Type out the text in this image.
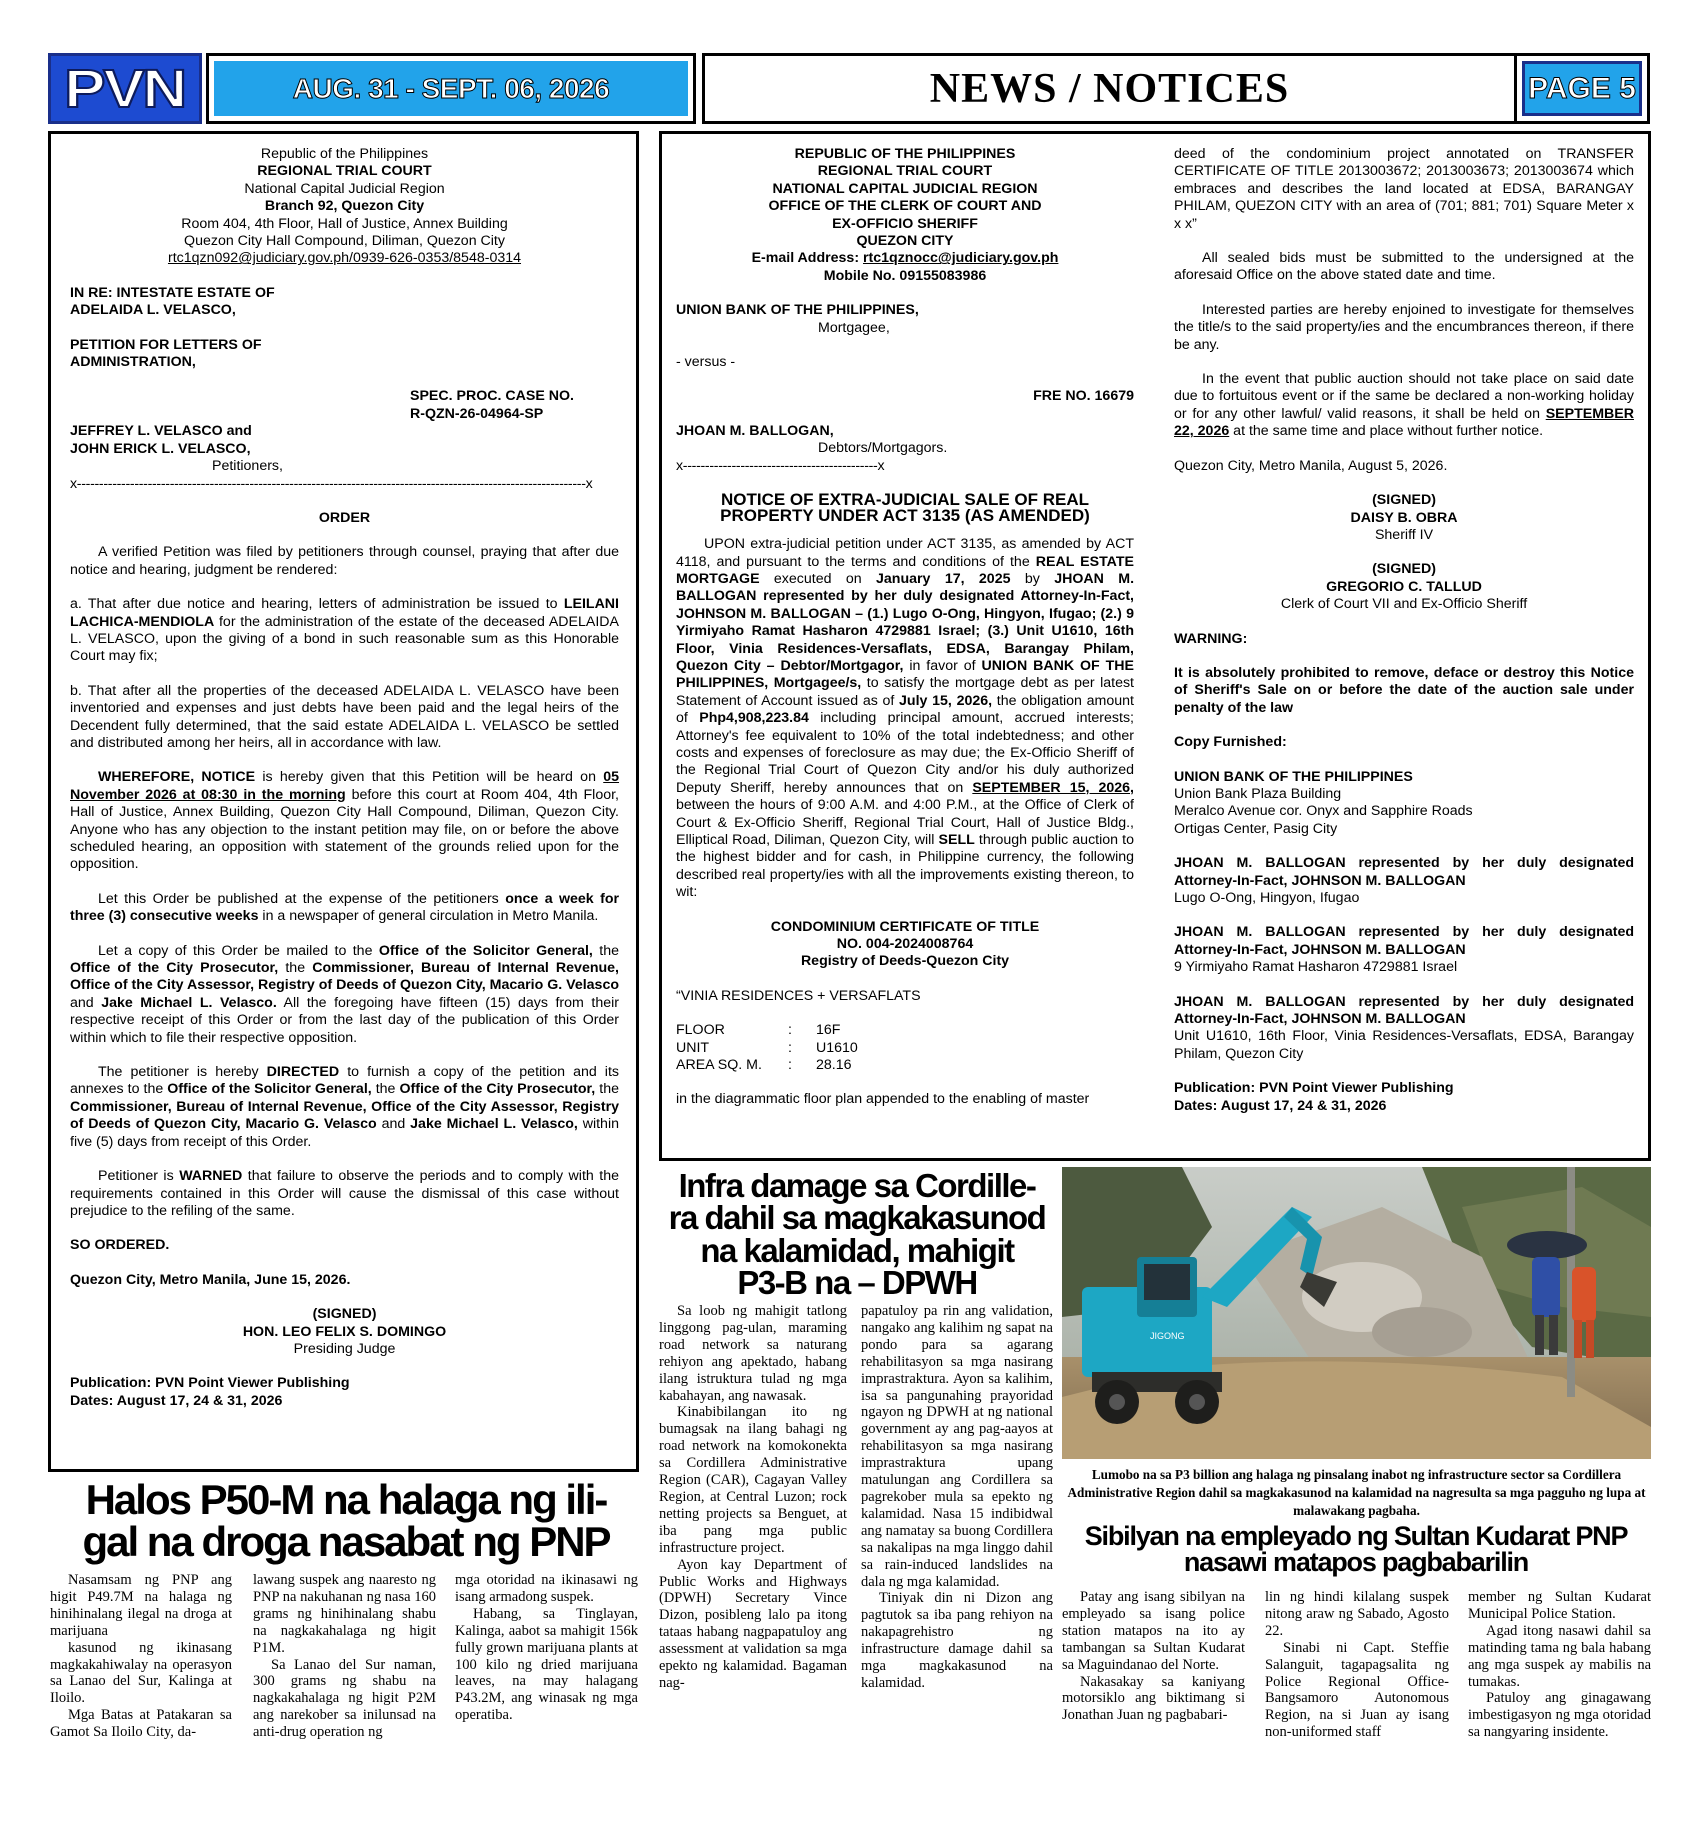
PVN	AUG. 31 - SEPT. 06, 2026	NEWS / NOTICES	PAGE 5
Republic of the Philippines
REGIONAL TRIAL COURT
National Capital Judicial Region
Branch 92, Quezon City
Room 404, 4th Floor, Hall of Justice, Annex Building
Quezon City Hall Compound, Diliman, Quezon City
rtc1qzn092@judiciary.gov.ph/0939-626-0353/8548-0314
IN RE: INTESTATE ESTATE OF
ADELAIDA L. VELASCO,
PETITION FOR LETTERS OF
ADMINISTRATION,
SPEC. PROC. CASE NO.
R-QZN-26-04964-SP
JEFFREY L. VELASCO and
JOHN ERICK L. VELASCO,
Petitioners,
x-------------------------------------------------------------------------------------------------------------------x
ORDER

A verified Petition was filed by petitioners through counsel, praying that after due notice and hearing, judgment be rendered:

a. That after due notice and hearing, letters of administration be issued to LEILANI LACHICA-MENDIOLA for the administration of the estate of the deceased ADELAIDA L. VELASCO, upon the giving of a bond in such reasonable sum as this Honorable Court may fix;

b. That after all the properties of the deceased ADELAIDA L. VELASCO have been inventoried and expenses and just debts have been paid and the legal heirs of the Decendent fully determined, that the said estate ADELAIDA L. VELASCO be settled and distributed among her heirs, all in accordance with law.

WHEREFORE, NOTICE is hereby given that this Petition will be heard on 05 November 2026 at 08:30 in the morning before this court at Room 404, 4th Floor, Hall of Justice, Annex Building, Quezon City Hall Compound, Diliman, Quezon City. Anyone who has any objection to the instant petition may file, on or before the above scheduled hearing, an opposition with statement of the grounds relied upon for the opposition.

Let this Order be published at the expense of the petitioners once a week for three (3) consecutive weeks in a newspaper of general circulation in Metro Manila.

Let a copy of this Order be mailed to the Office of the Solicitor General, the Office of the City Prosecutor, the Commissioner, Bureau of Internal Revenue, Office of the City Assessor, Registry of Deeds of Quezon City, Macario G. Velasco and Jake Michael L. Velasco. All the foregoing have fifteen (15) days from their respective receipt of this Order or from the last day of the publication of this Order within which to file their respective opposition.

The petitioner is hereby DIRECTED to furnish a copy of the petition and its annexes to the Office of the Solicitor General, the Office of the City Prosecutor, the Commissioner, Bureau of Internal Revenue, Office of the City Assessor, Registry of Deeds of Quezon City, Macario G. Velasco and Jake Michael L. Velasco, within five (5) days from receipt of this Order.

Petitioner is WARNED that failure to observe the periods and to comply with the requirements contained in this Order will cause the dismissal of this case without prejudice to the refiling of the same.

SO ORDERED.

Quezon City, Metro Manila, June 15, 2026.

(SIGNED)
HON. LEO FELIX S. DOMINGO
Presiding Judge
Publication: PVN Point Viewer Publishing
Dates: August 17, 24 & 31, 2026
REPUBLIC OF THE PHILIPPINES
REGIONAL TRIAL COURT
NATIONAL CAPITAL JUDICIAL REGION
OFFICE OF THE CLERK OF COURT AND
EX-OFFICIO SHERIFF
QUEZON CITY
E-mail Address: rtc1qznocc@judiciary.gov.ph
Mobile No. 09155083986
UNION BANK OF THE PHILIPPINES,
Mortgagee,
- versus -
FRE NO. 16679
JHOAN M. BALLOGAN,
Debtors/Mortgagors.
x--------------------------------------------x
NOTICE OF EXTRA-JUDICIAL SALE OF REAL
PROPERTY UNDER ACT 3135 (AS AMENDED)

UPON extra-judicial petition under ACT 3135, as amended by ACT 4118, and pursuant to the terms and conditions of the REAL ESTATE MORTGAGE executed on January 17, 2025 by JHOAN M. BALLOGAN represented by her duly designated Attorney-In-Fact, JOHNSON M. BALLOGAN – (1.) Lugo O-Ong, Hingyon, Ifugao; (2.) 9 Yirmiyaho Ramat Hasharon 4729881 Israel; (3.) Unit U1610, 16th Floor, Vinia Residences-Versaflats, EDSA, Barangay Philam, Quezon City – Debtor/Mortgagor, in favor of UNION BANK OF THE PHILIPPINES, Mortgagee/s, to satisfy the mortgage debt as per latest Statement of Account issued as of July 15, 2026, the obligation amount of Php4,908,223.84 including principal amount, accrued interests; Attorney's fee equivalent to 10% of the total indebtedness; and other costs and expenses of foreclosure as may due; the Ex-Officio Sheriff of the Regional Trial Court of Quezon City and/or his duly authorized Deputy Sheriff, hereby announces that on SEPTEMBER 15, 2026, between the hours of 9:00 A.M. and 4:00 P.M., at the Office of Clerk of Court & Ex-Officio Sheriff, Regional Trial Court, Hall of Justice Bldg., Elliptical Road, Diliman, Quezon City, will SELL through public auction to the highest bidder and for cash, in Philippine currency, the following described real property/ies with all the improvements existing thereon, to wit:

CONDOMINIUM CERTIFICATE OF TITLE
NO. 004-2024008764
Registry of Deeds-Quezon City

“VINIA RESIDENCES + VERSAFLATS

FLOOR	:	16F
UNIT	:	U1610
AREA SQ. M.	:	28.16
in the diagrammatic floor plan appended to the enabling of master

deed of the condominium project annotated on TRANSFER CERTIFICATE OF TITLE 2013003672; 2013003673; 2013003674 which embraces and describes the land located at EDSA, BARANGAY PHILAM, QUEZON CITY with an area of (701; 881; 701) Square Meter x x x”

All sealed bids must be submitted to the undersigned at the aforesaid Office on the above stated date and time.

Interested parties are hereby enjoined to investigate for themselves the title/s to the said property/ies and the encumbrances thereon, if there be any.

In the event that public auction should not take place on said date due to fortuitous event or if the same be declared a non-working holiday or for any other lawful/ valid reasons, it shall be held on SEPTEMBER 22, 2026 at the same time and place without further notice.

Quezon City, Metro Manila, August 5, 2026.

(SIGNED)
DAISY B. OBRA
Sheriff IV
(SIGNED)
GREGORIO C. TALLUD
Clerk of Court VII and Ex-Officio Sheriff

WARNING:

It is absolutely prohibited to remove, deface or destroy this Notice of Sheriff's Sale on or before the date of the auction sale under penalty of the law

Copy Furnished:

UNION BANK OF THE PHILIPPINES
Union Bank Plaza Building
Meralco Avenue cor. Onyx and Sapphire Roads
Ortigas Center, Pasig City

JHOAN M. BALLOGAN represented by her duly designated Attorney-In-Fact, JOHNSON M. BALLOGAN
Lugo O-Ong, Hingyon, Ifugao

JHOAN M. BALLOGAN represented by her duly designated Attorney-In-Fact, JOHNSON M. BALLOGAN
9 Yirmiyaho Ramat Hasharon 4729881 Israel

JHOAN M. BALLOGAN represented by her duly designated Attorney-In-Fact, JOHNSON M. BALLOGAN
Unit U1610, 16th Floor, Vinia Residences-Versaflats, EDSA, Barangay Philam, Quezon City

Publication: PVN Point Viewer Publishing
Dates: August 17, 24 & 31, 2026
Infra damage sa Cordille-
ra dahil sa magkakasunod
na kalamidad, mahigit
P3-B na – DPWH

Sa loob ng mahigit tatlong linggong pag-ulan, maraming road network sa naturang rehiyon ang apektado, habang ilang istruktura tulad ng mga kabahayan, ang nawasak.

Kinabibilangan ito ng bumagsak na ilang bahagi ng road network na komokonekta sa Cordillera Administrative Region (CAR), Cagayan Valley Region, at Central Luzon; rock netting projects sa Benguet, at iba pang mga public infrastructure project.

Ayon kay Department of Public Works and Highways (DPWH) Secretary Vince Dizon, posibleng lalo pa itong tataas habang nagpapatuloy ang assessment at validation sa mga epekto ng kalamidad. Bagaman nag-

papatuloy pa rin ang validation, nangako ang kalihim ng sapat na pondo para sa agarang rehabilitasyon sa mga nasirang imprastraktura. Ayon sa kalihim, isa sa pangunahing prayoridad ngayon ng DPWH at ng national government ay ang pag-aayos at rehabilitasyon sa mga nasirang imprastraktura upang matulungan ang Cordillera sa pagrekober mula sa epekto ng kalamidad. Nasa 15 indibidwal ang namatay sa buong Cordillera sa nakalipas na mga linggo dahil sa rain-induced landslides na dala ng mga kalamidad.

Tiniyak din ni Dizon ang pagtutok sa iba pang rehiyon na nakapagrehistro ng infrastructure damage dahil sa mga magkakasunod na kalamidad.

JIGONG
Lumobo na sa P3 billion ang halaga ng pinsalang inabot ng infrastructure sector sa Cordillera Administrative Region dahil sa magkakasunod na kalamidad na nagresulta sa mga pagguho ng lupa at malawakang pagbaha.
Halos P50-M na halaga ng ili-
gal na droga nasabat ng PNP

Nasamsam ng PNP ang higit P49.7M na halaga ng hinihinalang ilegal na droga at marijuana

kasunod ng ikinasang magkakahiwalay na operasyon sa Lanao del Sur, Kalinga at Iloilo.

Mga Batas at Patakaran sa Gamot Sa Iloilo City, da-

lawang suspek ang naaresto ng PNP na nakuhanan ng nasa 160 grams ng hinihinalang shabu na nagkakahalaga ng higit P1M.

Sa Lanao del Sur naman, 300 grams ng shabu na nagkakahalaga ng higit P2M ang narekober sa inilunsad na anti-drug operation ng

mga otoridad na ikinasawi ng isang armadong suspek.

Habang, sa Tinglayan, Kalinga, aabot sa mahigit 156k fully grown marijuana plants at 100 kilo ng dried marijuana leaves, na may halagang P43.2M, ang winasak ng mga operatiba.

Sibilyan na empleyado ng Sultan Kudarat PNP
nasawi matapos pagbabarilin

Patay ang isang sibilyan na empleyado sa isang police station matapos na ito ay tambangan sa Sultan Kudarat sa Maguindanao del Norte.

Nakasakay sa kaniyang motorsiklo ang biktimang si Jonathan Juan ng pagbabari-

lin ng hindi kilalang suspek nitong araw ng Sabado, Agosto 22.

Sinabi ni Capt. Steffie Salanguit, tagapagsalita ng Police Regional Office-Bangsamoro Autonomous Region, na si Juan ay isang non-uniformed staff

member ng Sultan Kudarat Municipal Police Station.

Agad itong nasawi dahil sa matinding tama ng bala habang ang mga suspek ay mabilis na tumakas.

Patuloy ang ginagawang imbestigasyon ng mga otoridad sa nangyaring insidente.
